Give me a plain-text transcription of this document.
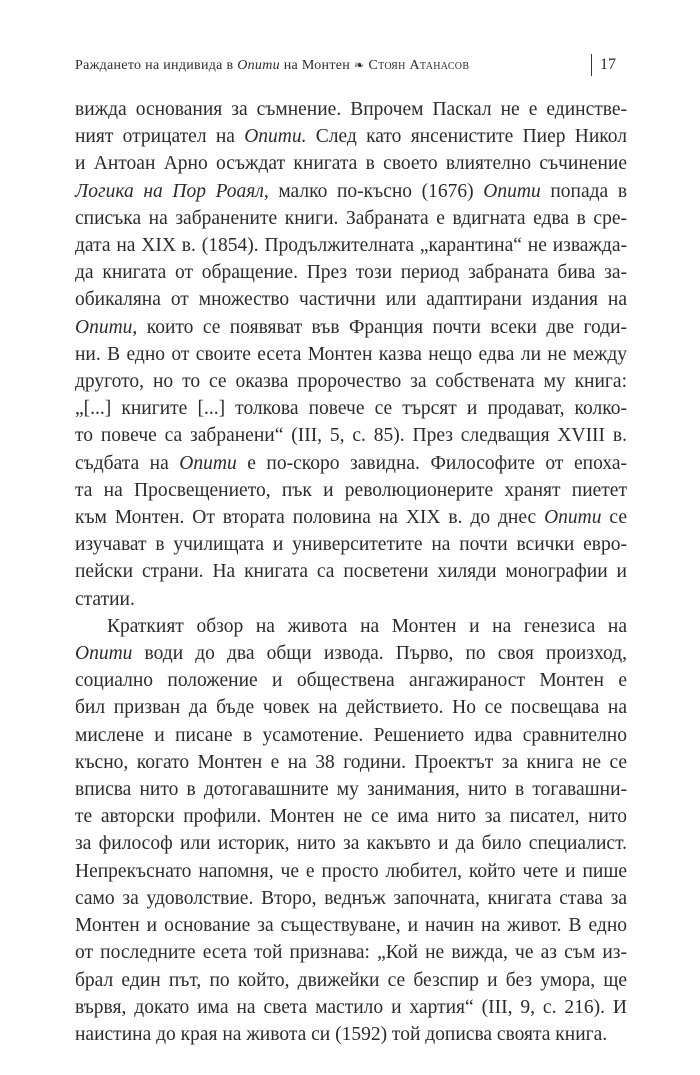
Раждането на индивида в Опити на Монтен ❧ Стоян Атанасов	17
вижда основания за съмнение. Впрочем Паскал не е единстве-
ният отрицател на Опити. След като янсенистите Пиер Никол
и Антоан Арно осъждат книгата в своето влиятелно съчинение
Логика на Пор Роаял, малко по-късно (1676) Опити попада в
списъка на забранените книги. Забраната е вдигната едва в сре-
дата на XIX в. (1854). Продължителната „карантина“ не изважда-
да книгата от обращение. През този период забраната бива за-
обикаляна от множество частични или адаптирани издания на
Опити, които се появяват във Франция почти всеки две годи-
ни. В едно от своите есета Монтен казва нещо едва ли не между
другото, но то се оказва пророчество за собствената му книга:
„[...] книгите [...] толкова повече се търсят и продават, колко-
то повече са забранени“ (III, 5, с. 85). През следващия XVIII в.
съдбата на Опити е по-скоро завидна. Философите от епоха-
та на Просвещението, пък и революционерите хранят пиетет
към Монтен. От втората половина на XIX в. до днес Опити се
изучават в училищата и университетите на почти всички евро-
пейски страни. На книгата са посветени хиляди монографии и
статии.
Краткият обзор на живота на Монтен и на генезиса на
Опити води до два общи извода. Първо, по своя произход,
социално положение и обществена ангажираност Монтен е
бил призван да бъде човек на действието. Но се посвещава на
мислене и писане в усамотение. Решението идва сравнително
късно, когато Монтен е на 38 години. Проектът за книга не се
вписва нито в дотогавашните му занимания, нито в тогавашни-
те авторски профили. Монтен не се има нито за писател, нито
за философ или историк, нито за какъвто и да било специалист.
Непрекъснато напомня, че е просто любител, който чете и пише
само за удоволствие. Второ, веднъж започната, книгата става за
Монтен и основание за съществуване, и начин на живот. В едно
от последните есета той признава: „Кой не вижда, че аз съм из-
брал един път, по който, движейки се безспир и без умора, ще
вървя, докато има на света мастило и хартия“ (III, 9, с. 216). И
наистина до края на живота си (1592) той дописва своята книга.
